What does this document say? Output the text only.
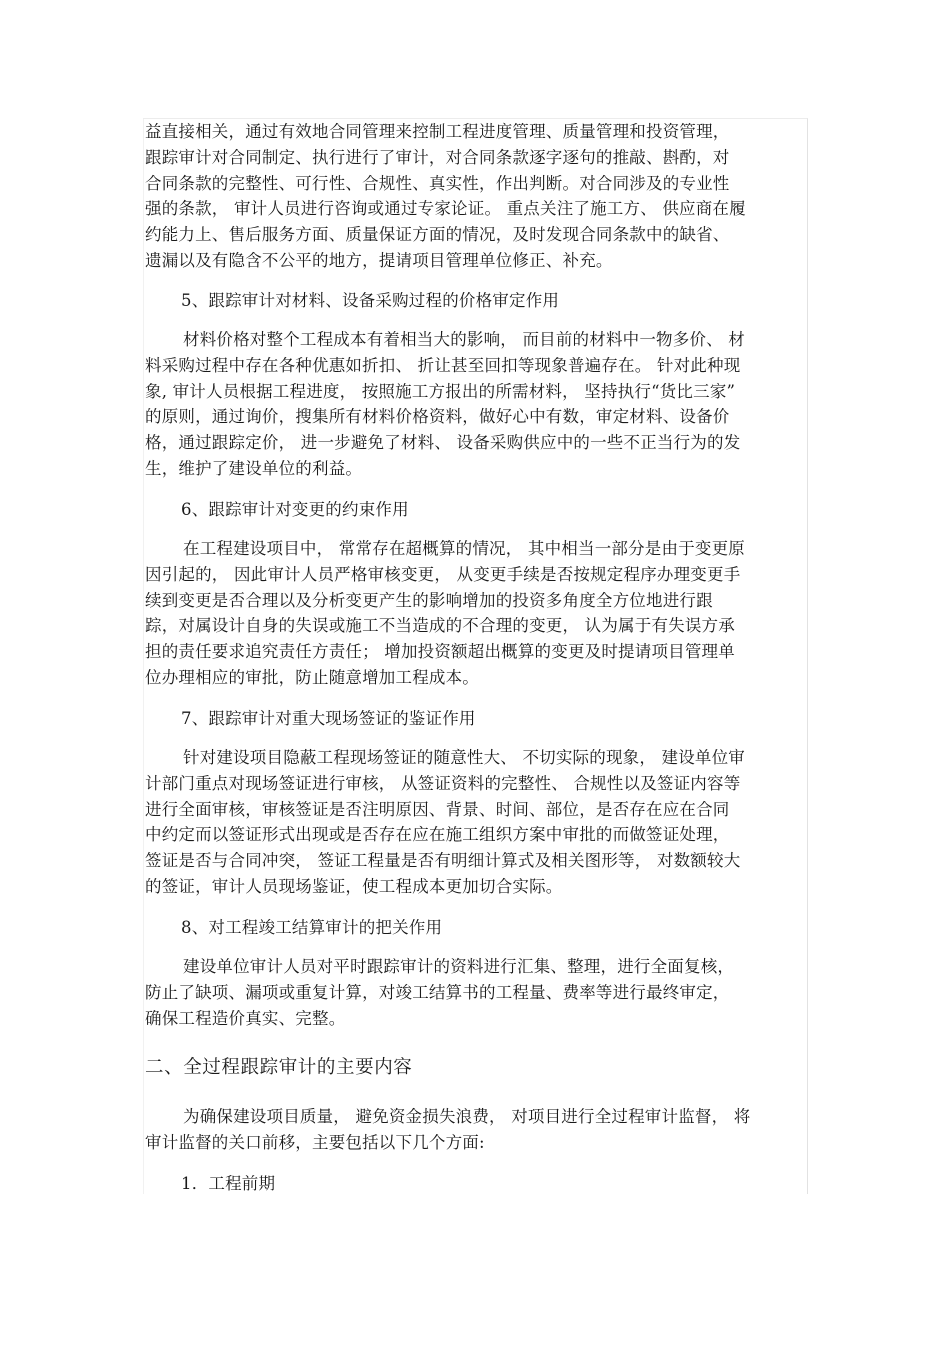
益直接相关，通过有效地合同管理来控制工程进度管理、质量管理和投资管理，
跟踪审计对合同制定、执行进行了审计，对合同条款逐字逐句的推敲、斟酌，对
合同条款的完整性、可行性、合规性、真实性，作出判断。对合同涉及的专业性
强的条款， 审计人员进行咨询或通过专家论证。 重点关注了施工方、 供应商在履
约能力上、售后服务方面、质量保证方面的情况，及时发现合同条款中的缺省、
遗漏以及有隐含不公平的地方，提请项目管理单位修正、补充。

5、跟踪审计对材料、设备采购过程的价格审定作用

材料价格对整个工程成本有着相当大的影响， 而目前的材料中一物多价、 材
料采购过程中存在各种优惠如折扣、 折让甚至回扣等现象普遍存在。 针对此种现
象, 审计人员根据工程进度， 按照施工方报出的所需材料， 坚持执行“货比三家”
的原则，通过询价，搜集所有材料价格资料，做好心中有数，审定材料、设备价
格，通过跟踪定价， 进一步避免了材料、 设备采购供应中的一些不正当行为的发
生，维护了建设单位的利益。

6、跟踪审计对变更的约束作用

在工程建设项目中， 常常存在超概算的情况， 其中相当一部分是由于变更原
因引起的， 因此审计人员严格审核变更， 从变更手续是否按规定程序办理变更手
续到变更是否合理以及分析变更产生的影响增加的投资多角度全方位地进行跟
踪，对属设计自身的失误或施工不当造成的不合理的变更， 认为属于有失误方承
担的责任要求追究责任方责任； 增加投资额超出概算的变更及时提请项目管理单
位办理相应的审批，防止随意增加工程成本。

7、跟踪审计对重大现场签证的鉴证作用

针对建设项目隐蔽工程现场签证的随意性大、 不切实际的现象， 建设单位审
计部门重点对现场签证进行审核， 从签证资料的完整性、 合规性以及签证内容等
进行全面审核，审核签证是否注明原因、背景、时间、部位，是否存在应在合同
中约定而以签证形式出现或是否存在应在施工组织方案中审批的而做签证处理，
签证是否与合同冲突， 签证工程量是否有明细计算式及相关图形等， 对数额较大
的签证，审计人员现场鉴证，使工程成本更加切合实际。

8、对工程竣工结算审计的把关作用

建设单位审计人员对平时跟踪审计的资料进行汇集、整理，进行全面复核，
防止了缺项、漏项或重复计算，对竣工结算书的工程量、费率等进行最终审定，
确保工程造价真实、完整。

二、全过程跟踪审计的主要内容

为确保建设项目质量， 避免资金损失浪费， 对项目进行全过程审计监督， 将
审计监督的关口前移，主要包括以下几个方面:

1．工程前期
